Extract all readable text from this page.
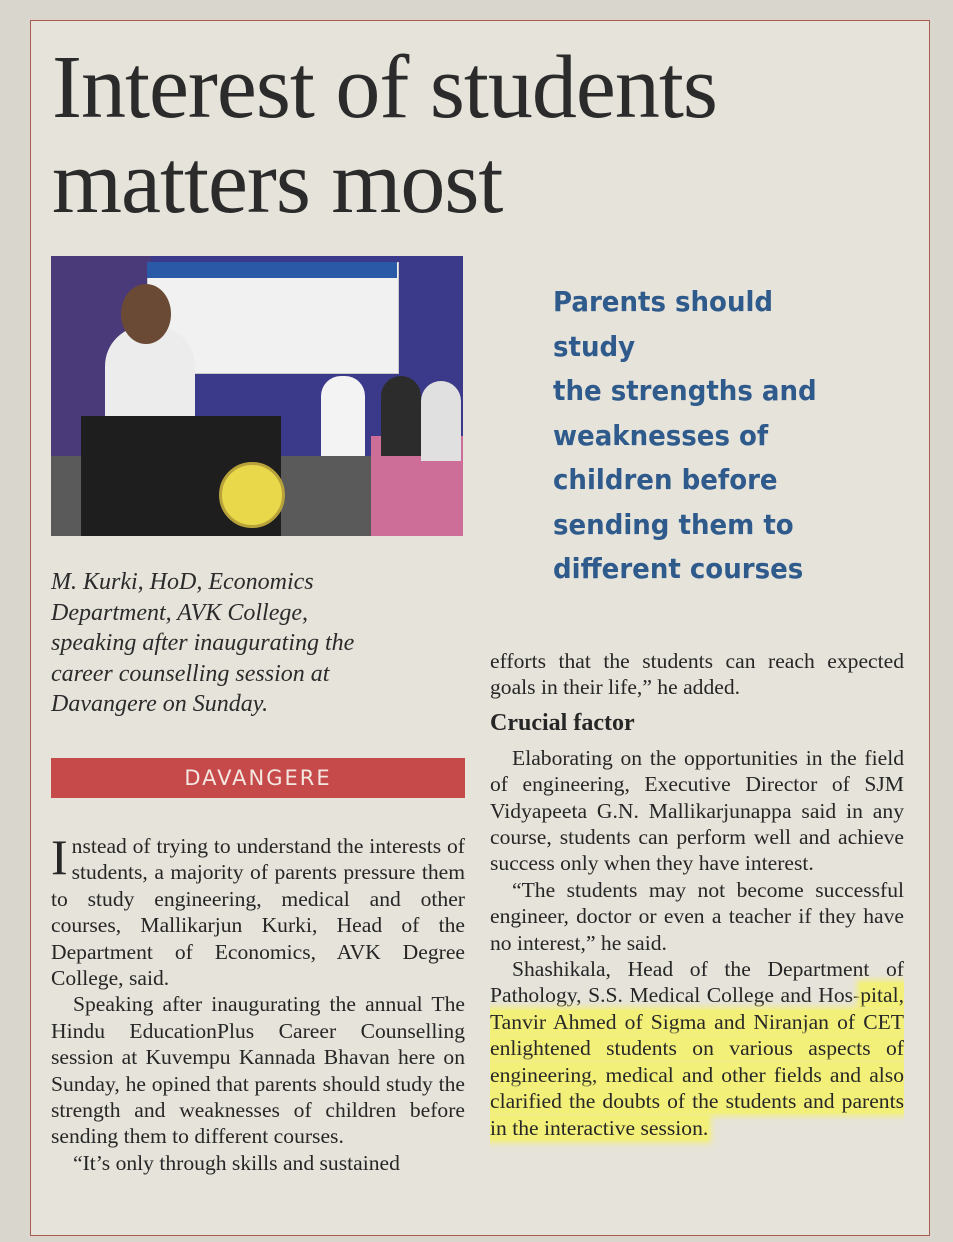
Interest of students
matters most
Parents should study
the strengths and
weaknesses of
children before
sending them to
different courses
M. Kurki, HoD, Economics
Department, AVK College,
speaking after inaugurating the
career counselling session at
Davangere on Sunday.
DAVANGERE

Instead of trying to understand the interests of students, a majority of parents pressure them to study engineering, medical and other courses, Mallikarjun Kurki, Head of the Department of Economics, AVK Degree College, said.

Speaking after inaugurating the annual The Hindu EducationPlus Career Counselling session at Kuvempu Kannada Bhavan here on Sunday, he opined that parents should study the strength and weaknesses of children before sending them to different courses.

“It’s only through skills and sustained

efforts that the students can reach expected goals in their life,” he added.

Crucial factor

Elaborating on the opportunities in the field of engineering, Executive Director of SJM Vidyapeeta G.N. Mallikarjunappa said in any course, students can perform well and achieve success only when they have interest.

“The students may not become successful engineer, doctor or even a teacher if they have no interest,” he said.

Shashikala, Head of the Department of Pathology, S.S. Medical College and Hos-pital, Tanvir Ahmed of Sigma and Niranjan of CET enlightened students on various aspects of engineering, medical and other fields and also clarified the doubts of the students and parents in the interactive session.
